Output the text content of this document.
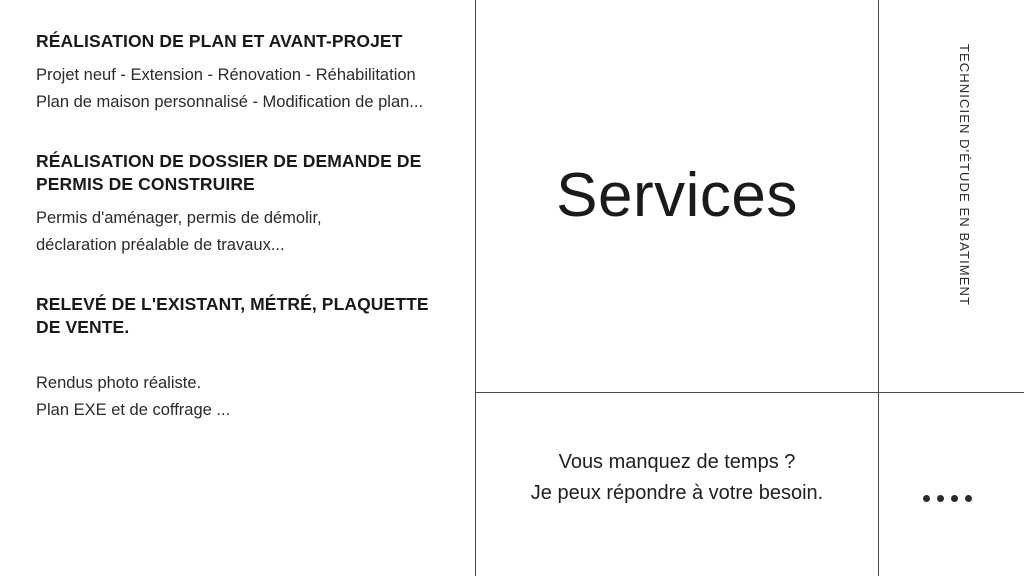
RÉALISATION DE PLAN ET AVANT-PROJET
Projet neuf - Extension - Rénovation - Réhabilitation
Plan de maison personnalisé - Modification de plan...
RÉALISATION DE DOSSIER DE DEMANDE DE PERMIS DE CONSTRUIRE
Permis d'aménager, permis de démolir,
déclaration préalable de travaux...
RELEVÉ DE L'EXISTANT, MÉTRÉ, PLAQUETTE DE VENTE.
Rendus photo réaliste.
Plan EXE et de coffrage ...
Services
Vous manquez de temps ?
Je peux répondre à votre besoin.
TECHNICIEN D'ÉTUDE EN BATIMENT
